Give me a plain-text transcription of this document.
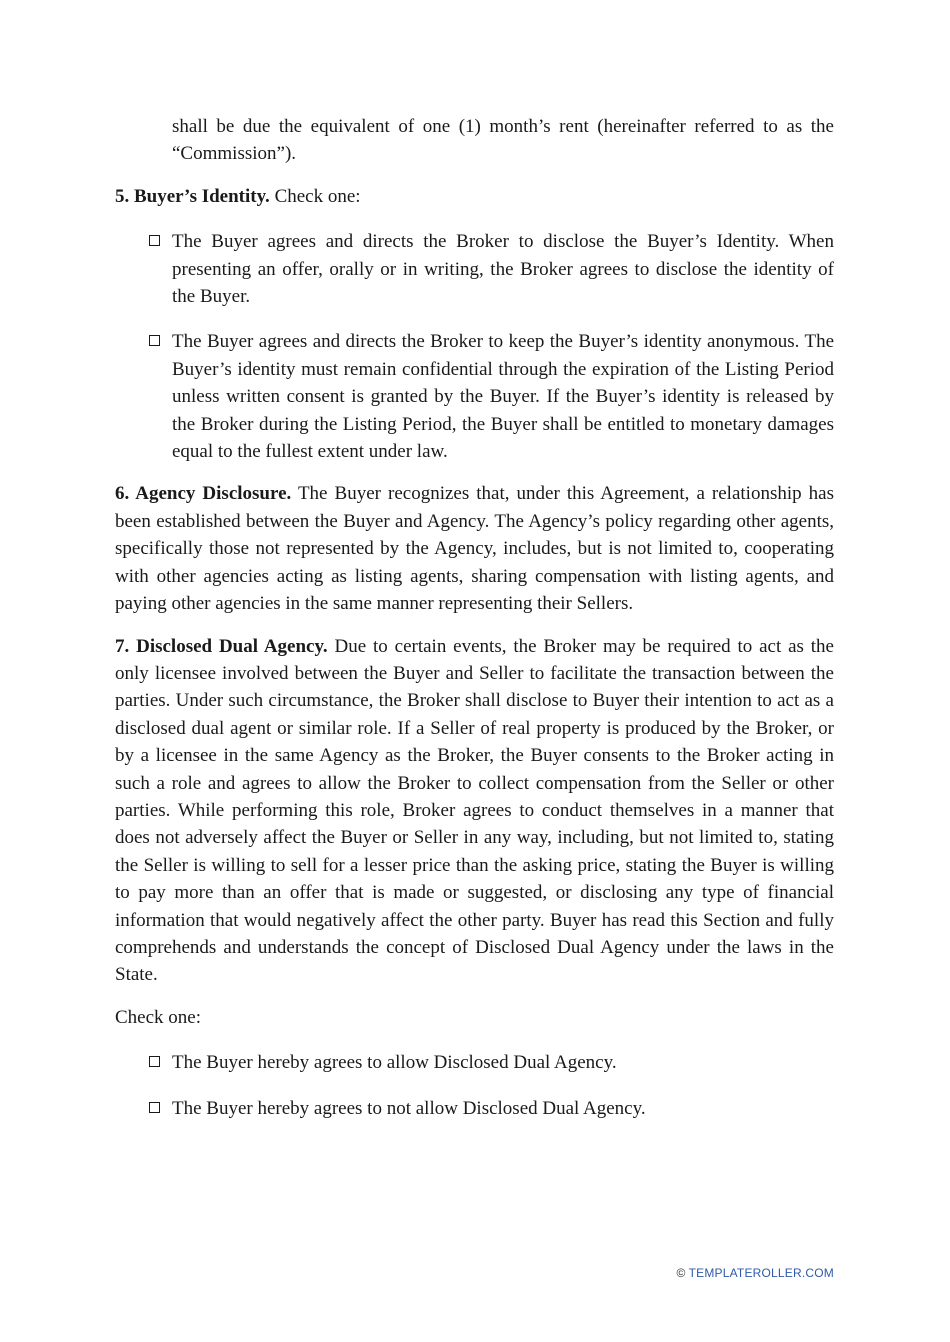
shall be due the equivalent of one (1) month’s rent (hereinafter referred to as the “Commission”).

5. Buyer’s Identity. Check one:

The Buyer agrees and directs the Broker to disclose the Buyer’s Identity. When presenting an offer, orally or in writing, the Broker agrees to disclose the identity of the Buyer.
The Buyer agrees and directs the Broker to keep the Buyer’s identity anonymous. The Buyer’s identity must remain confidential through the expiration of the Listing Period unless written consent is granted by the Buyer. If the Buyer’s identity is released by the Broker during the Listing Period, the Buyer shall be entitled to monetary damages equal to the fullest extent under law.

6. Agency Disclosure. The Buyer recognizes that, under this Agreement, a relationship has been established between the Buyer and Agency. The Agency’s policy regarding other agents, specifically those not represented by the Agency, includes, but is not limited to, cooperating with other agencies acting as listing agents, sharing compensation with listing agents, and paying other agencies in the same manner representing their Sellers.

7. Disclosed Dual Agency. Due to certain events, the Broker may be required to act as the only licensee involved between the Buyer and Seller to facilitate the transaction between the parties. Under such circumstance, the Broker shall disclose to Buyer their intention to act as a disclosed dual agent or similar role. If a Seller of real property is produced by the Broker, or by a licensee in the same Agency as the Broker, the Buyer consents to the Broker acting in such a role and agrees to allow the Broker to collect compensation from the Seller or other parties. While performing this role, Broker agrees to conduct themselves in a manner that does not adversely affect the Buyer or Seller in any way, including, but not limited to, stating the Seller is willing to sell for a lesser price than the asking price, stating the Buyer is willing to pay more than an offer that is made or suggested, or disclosing any type of financial information that would negatively affect the other party. Buyer has read this Section and fully comprehends and understands the concept of Disclosed Dual Agency under the laws in the State.

Check one:

The Buyer hereby agrees to allow Disclosed Dual Agency.
The Buyer hereby agrees to not allow Disclosed Dual Agency.
© TEMPLATEROLLER.COM
